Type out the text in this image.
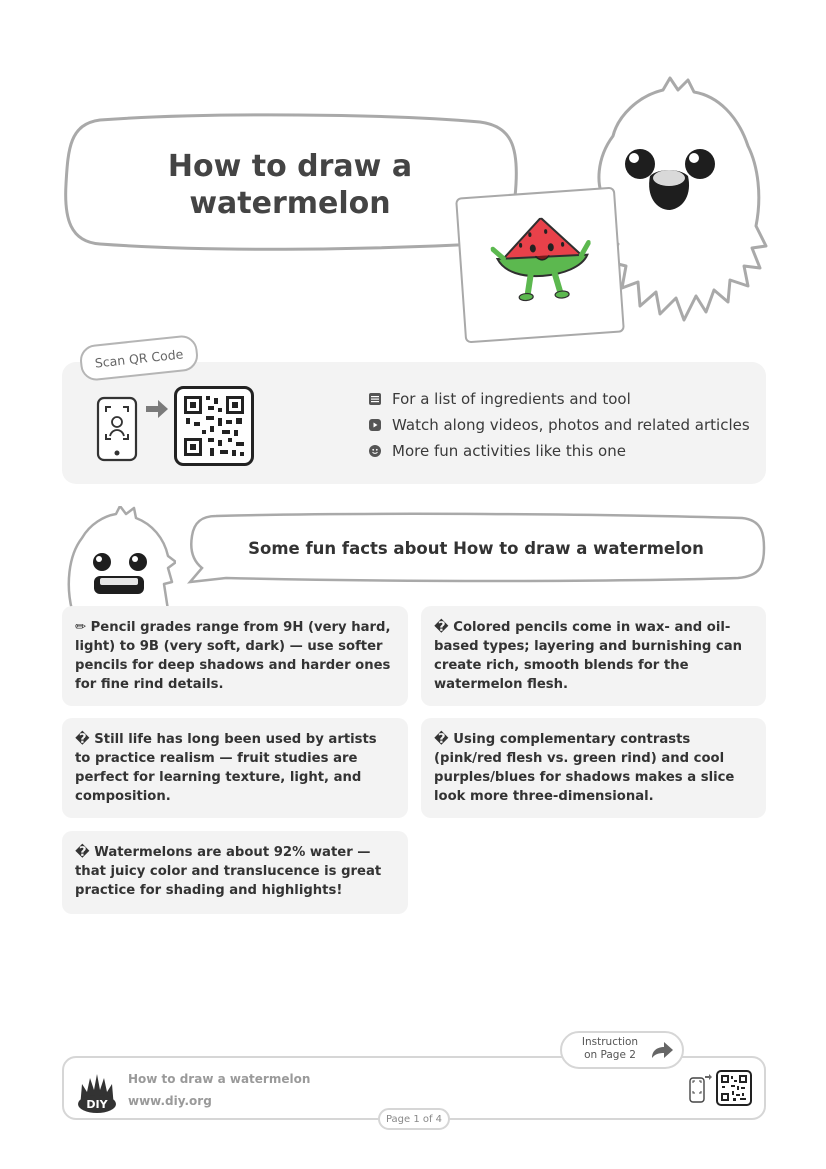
How to draw a
watermelon
Scan QR Code
For a list of ingredients and tool
Watch along videos, photos and related articles
More fun activities like this one
Some fun facts about How to draw a watermelon
✏ Pencil grades range from 9H (very hard, light) to 9B (very soft, dark) — use softer pencils for deep shadows and harder ones for fine rind details.
� Colored pencils come in wax- and oil-based types; layering and burnishing can create rich, smooth blends for the watermelon flesh.
� Still life has long been used by artists to practice realism — fruit studies are perfect for learning texture, light, and composition.
� Using complementary contrasts (pink/red flesh vs. green rind) and cool purples/blues for shadows makes a slice look more three-dimensional.
� Watermelons are about 92% water — that juicy color and translucence is great practice for shading and highlights!
DIY
How to draw a watermelon
www.diy.org
Instruction
on Page 2
Page 1 of 4
